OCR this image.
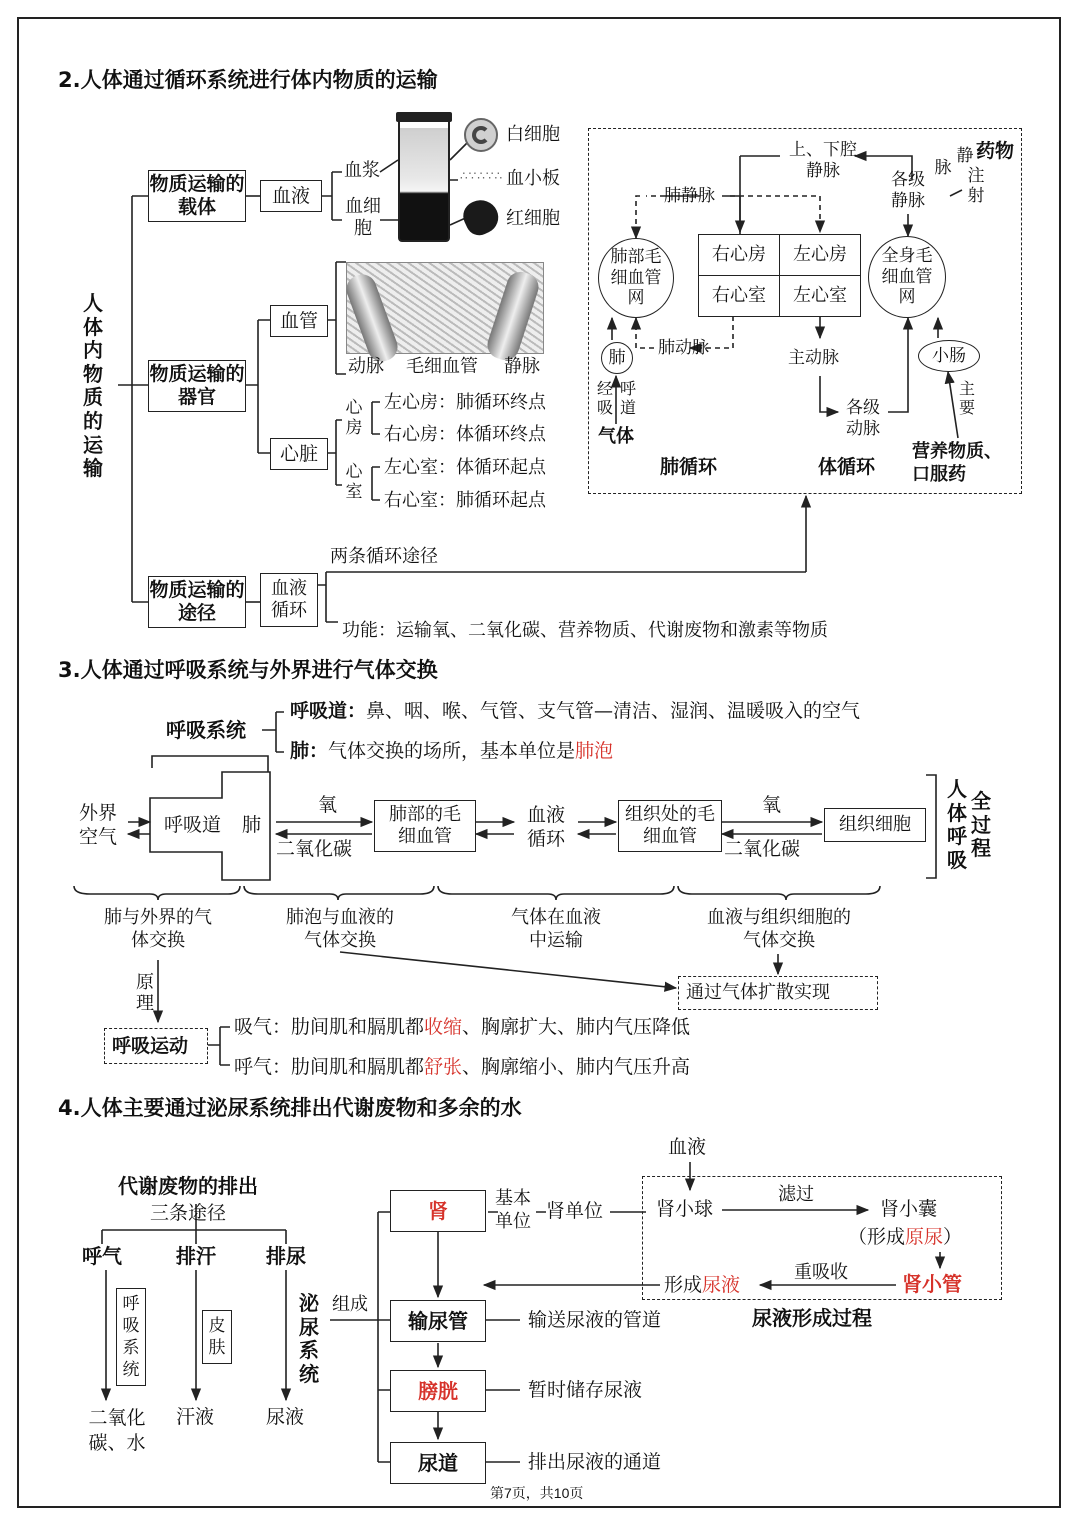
2.人体通过循环系统进行体内物质的运输
人体内物质的运输
物质运输的载体
血液
血浆
血细胞
白细胞
∴∵∴∵∴ 血小板
红细胞
物质运输的器官
血管
心脏
动脉 毛细血管 静脉
心房
心室
左心房：肺循环终点
右心房：体循环终点
左心室：体循环起点
右心室：肺循环起点
物质运输的途径
血液循环
两条循环途径
功能：运输氧、二氧化碳、营养物质、代谢废物和激素等物质
上、下腔静脉
肺静脉
各级静脉
脉
静
注
射
药物
肺部毛细血管网
全身毛细血管网
右心房	左心房
右心室	左心室
肺动脉	主动脉
各级动脉
肺
经
吸
呼
道
气体
小肠
主要
营养物质、口服药
肺循环	体循环
3.人体通过呼吸系统与外界进行气体交换
呼吸系统
呼吸道：鼻、咽、喉、气管、支气管—清洁、湿润、温暖吸入的空气
肺：气体交换的场所，基本单位是肺泡
外界空气
呼吸道 肺
氧
二氧化碳
肺部的毛细血管
血液循环
组织处的毛细血管
氧
二氧化碳
组织细胞
人
体
呼
吸
全
过
程
肺与外界的气体交换
肺泡与血液的气体交换
气体在血液中运输
血液与组织细胞的气体交换
原理
通过气体扩散实现
呼吸运动
吸气：肋间肌和膈肌都收缩、胸廓扩大、肺内气压降低
呼气：肋间肌和膈肌都舒张、胸廓缩小、肺内气压升高
4.人体主要通过泌尿系统排出代谢废物和多余的水
代谢废物的排出
三条途径
呼气	排汗	排尿
呼吸系统
皮肤
泌尿系统
二氧化碳、水
汗液	尿液
组成
肾
基本单位 肾单位
输尿管	输送尿液的管道
膀胱	暂时储存尿液
尿道	排出尿液的通道
血液
肾小球
滤过
肾小囊
（形成原尿）
肾小管
重吸收
形成尿液
尿液形成过程
第7页，共10页
